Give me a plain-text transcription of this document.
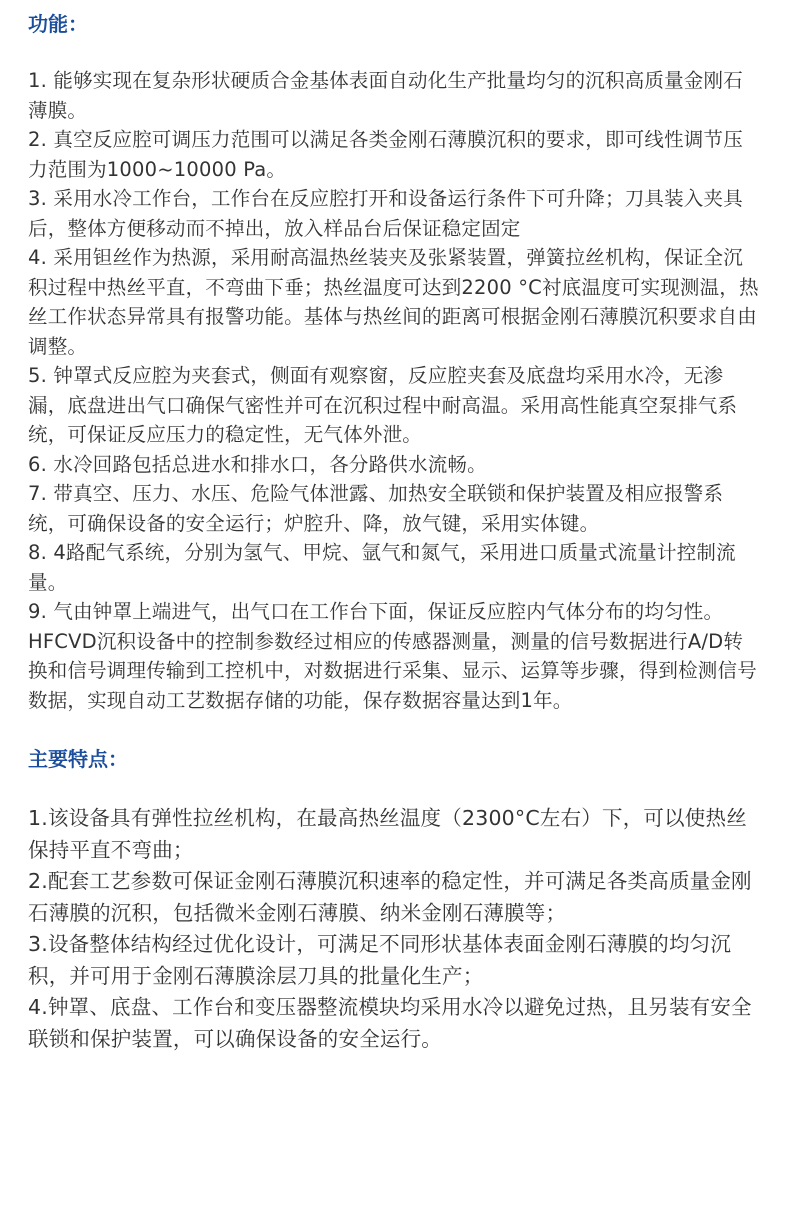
功能：

1. 能够实现在复杂形状硬质合金基体表面自动化生产批量均匀的沉积高质量金刚石薄膜。

2. 真空反应腔可调压力范围可以满足各类金刚石薄膜沉积的要求，即可线性调节压力范围为1000~10000 Pa。

3. 采用水冷工作台，工作台在反应腔打开和设备运行条件下可升降；刀具装入夹具后，整体方便移动而不掉出，放入样品台后保证稳定固定

4. 采用钽丝作为热源，采用耐高温热丝装夹及张紧装置，弹簧拉丝机构，保证全沉积过程中热丝平直，不弯曲下垂；热丝温度可达到2200 °C衬底温度可实现测温，热丝工作状态异常具有报警功能。基体与热丝间的距离可根据金刚石薄膜沉积要求自由调整。

5. 钟罩式反应腔为夹套式，侧面有观察窗，反应腔夹套及底盘均采用水冷，无渗漏，底盘进出气口确保气密性并可在沉积过程中耐高温。采用高性能真空泵排气系统，可保证反应压力的稳定性，无气体外泄。

6. 水冷回路包括总进水和排水口，各分路供水流畅。

7. 带真空、压力、水压、危险气体泄露、加热安全联锁和保护装置及相应报警系统，可确保设备的安全运行；炉腔升、降，放气键，采用实体键。

8. 4路配气系统，分别为氢气、甲烷、氩气和氮气，采用进口质量式流量计控制流量。

9. 气由钟罩上端进气，出气口在工作台下面，保证反应腔内气体分布的均匀性。

HFCVD沉积设备中的控制参数经过相应的传感器测量，测量的信号数据进行A/D转换和信号调理传输到工控机中，对数据进行采集、显示、运算等步骤，得到检测信号数据，实现自动工艺数据存储的功能，保存数据容量达到1年。

主要特点：

1.该设备具有弹性拉丝机构，在最高热丝温度（2300°C左右）下，可以使热丝保持平直不弯曲；

2.配套工艺参数可保证金刚石薄膜沉积速率的稳定性，并可满足各类高质量金刚石薄膜的沉积，包括微米金刚石薄膜、纳米金刚石薄膜等；

3.设备整体结构经过优化设计，可满足不同形状基体表面金刚石薄膜的均匀沉积，并可用于金刚石薄膜涂层刀具的批量化生产；

4.钟罩、底盘、工作台和变压器整流模块均采用水冷以避免过热，且另装有安全联锁和保护装置，可以确保设备的安全运行。
